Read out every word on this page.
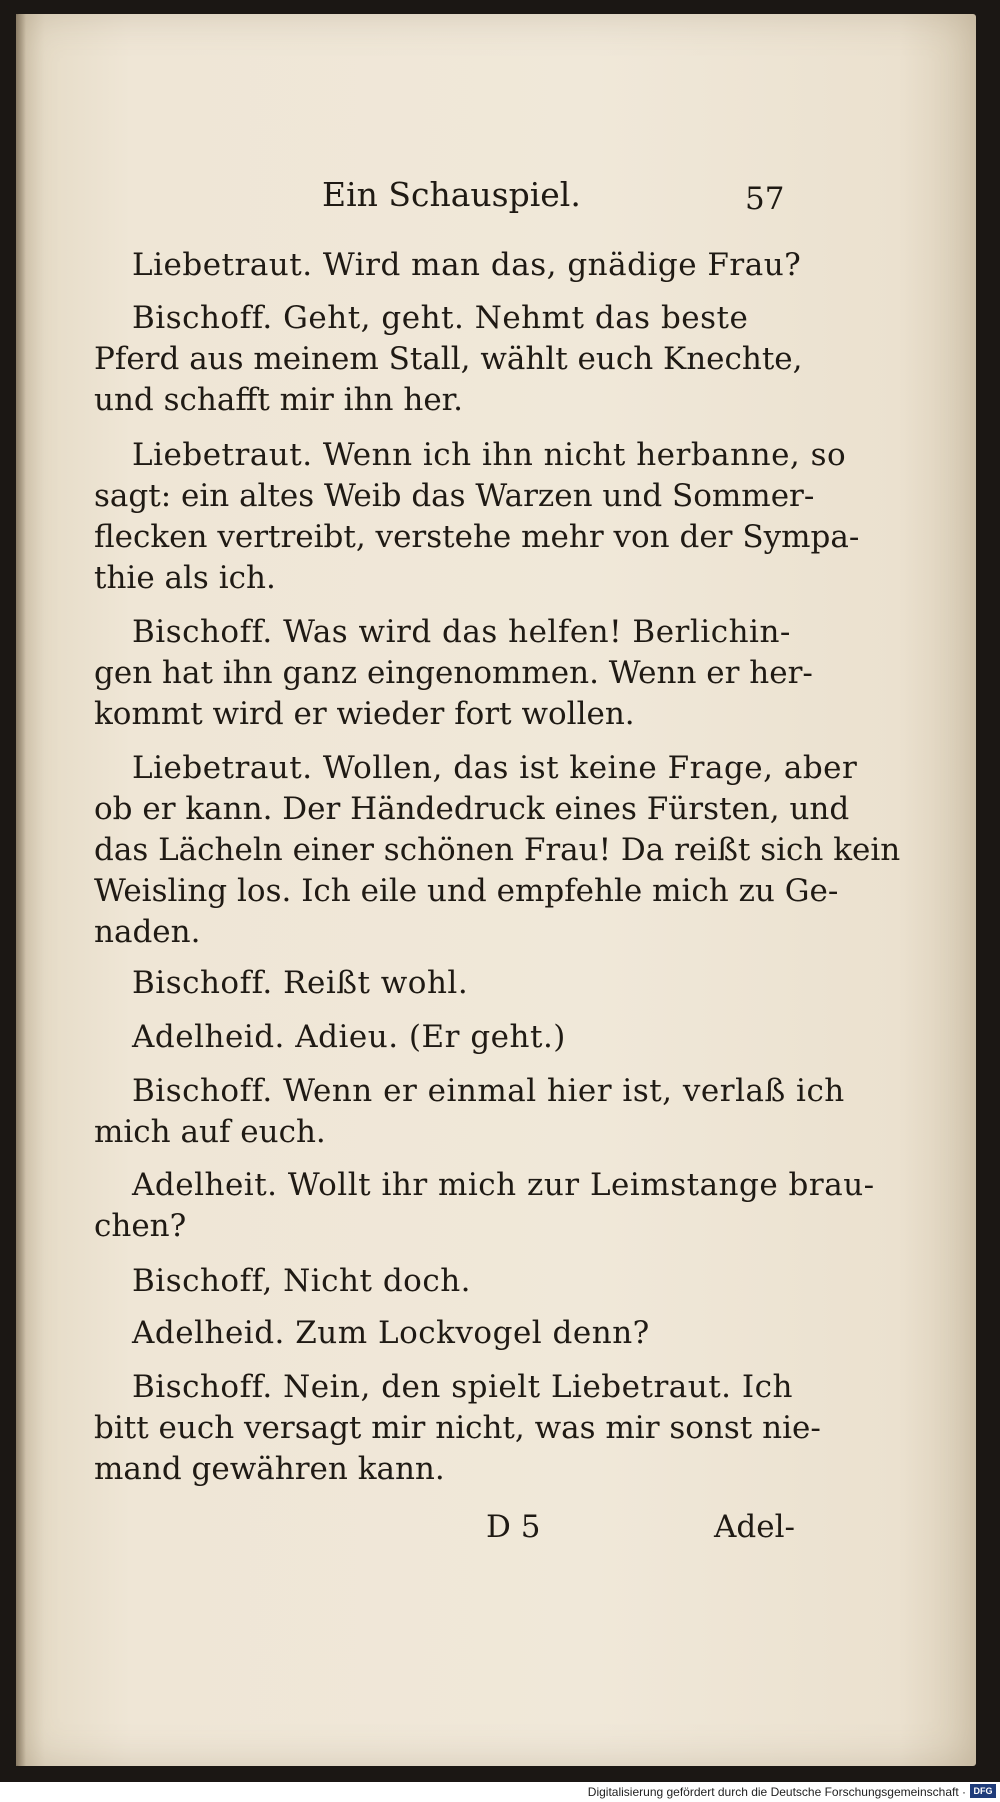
Ein Schauspiel.	57
Liebetraut. Wird man das, gnädige Frau?
Bischoff. Geht, geht. Nehmt das beste
Pferd aus meinem Stall, wählt euch Knechte,
und schafft mir ihn her.
Liebetraut. Wenn ich ihn nicht herbanne, so
sagt: ein altes Weib das Warzen und Sommer-
flecken vertreibt, verstehe mehr von der Sympa-
thie als ich.
Bischoff. Was wird das helfen! Berlichin-
gen hat ihn ganz eingenommen. Wenn er her-
kommt wird er wieder fort wollen.
Liebetraut. Wollen, das ist keine Frage, aber
ob er kann. Der Händedruck eines Fürsten, und
das Lächeln einer schönen Frau! Da reißt sich kein
Weisling los. Ich eile und empfehle mich zu Ge-
naden.
Bischoff. Reißt wohl.
Adelheid. Adieu. (Er geht.)
Bischoff. Wenn er einmal hier ist, verlaß ich
mich auf euch.
Adelheit. Wollt ihr mich zur Leimstange brau-
chen?
Bischoff, Nicht doch.
Adelheid. Zum Lockvogel denn?
Bischoff. Nein, den spielt Liebetraut. Ich
bitt euch versagt mir nicht, was mir sonst nie-
mand gewähren kann.
D 5	Adel-
Digitalisierung gefördert durch die Deutsche Forschungsgemeinschaft · DFG
